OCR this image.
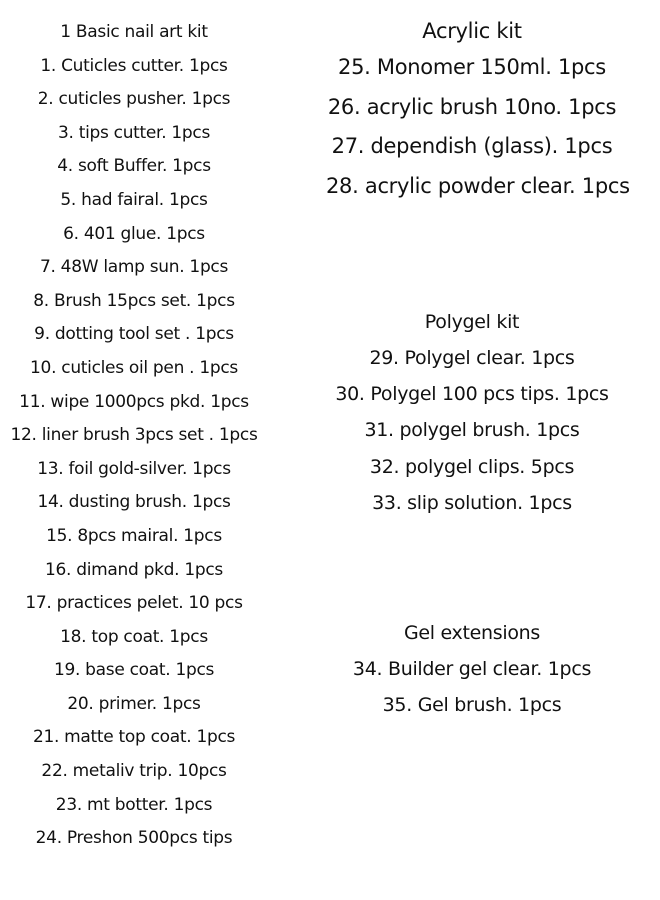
1 Basic nail art kit
1. Cuticles cutter. 1pcs
2. cuticles pusher. 1pcs
3. tips cutter. 1pcs
4. soft Buffer. 1pcs
5. had fairal. 1pcs
6. 401 glue. 1pcs
7. 48W lamp sun. 1pcs
8. Brush 15pcs set. 1pcs
9. dotting tool set . 1pcs
10. cuticles oil pen . 1pcs
11. wipe 1000pcs pkd. 1pcs
12. liner brush 3pcs set . 1pcs
13. foil gold-silver. 1pcs
14. dusting brush. 1pcs
15. 8pcs mairal. 1pcs
16. dimand pkd. 1pcs
17. practices pelet. 10 pcs
18. top coat. 1pcs
19. base coat. 1pcs
20. primer. 1pcs
21. matte top coat. 1pcs
22. metaliv trip. 10pcs
23. mt botter. 1pcs
24. Preshon 500pcs tips
Acrylic kit
25. Monomer 150ml. 1pcs
26. acrylic brush 10no. 1pcs
27. dependish (glass). 1pcs
28. acrylic powder clear. 1pcs
Polygel kit
29. Polygel clear. 1pcs
30. Polygel 100 pcs tips. 1pcs
31. polygel brush. 1pcs
32. polygel clips. 5pcs
33. slip solution. 1pcs
Gel extensions
34. Builder gel clear. 1pcs
35. Gel brush. 1pcs
